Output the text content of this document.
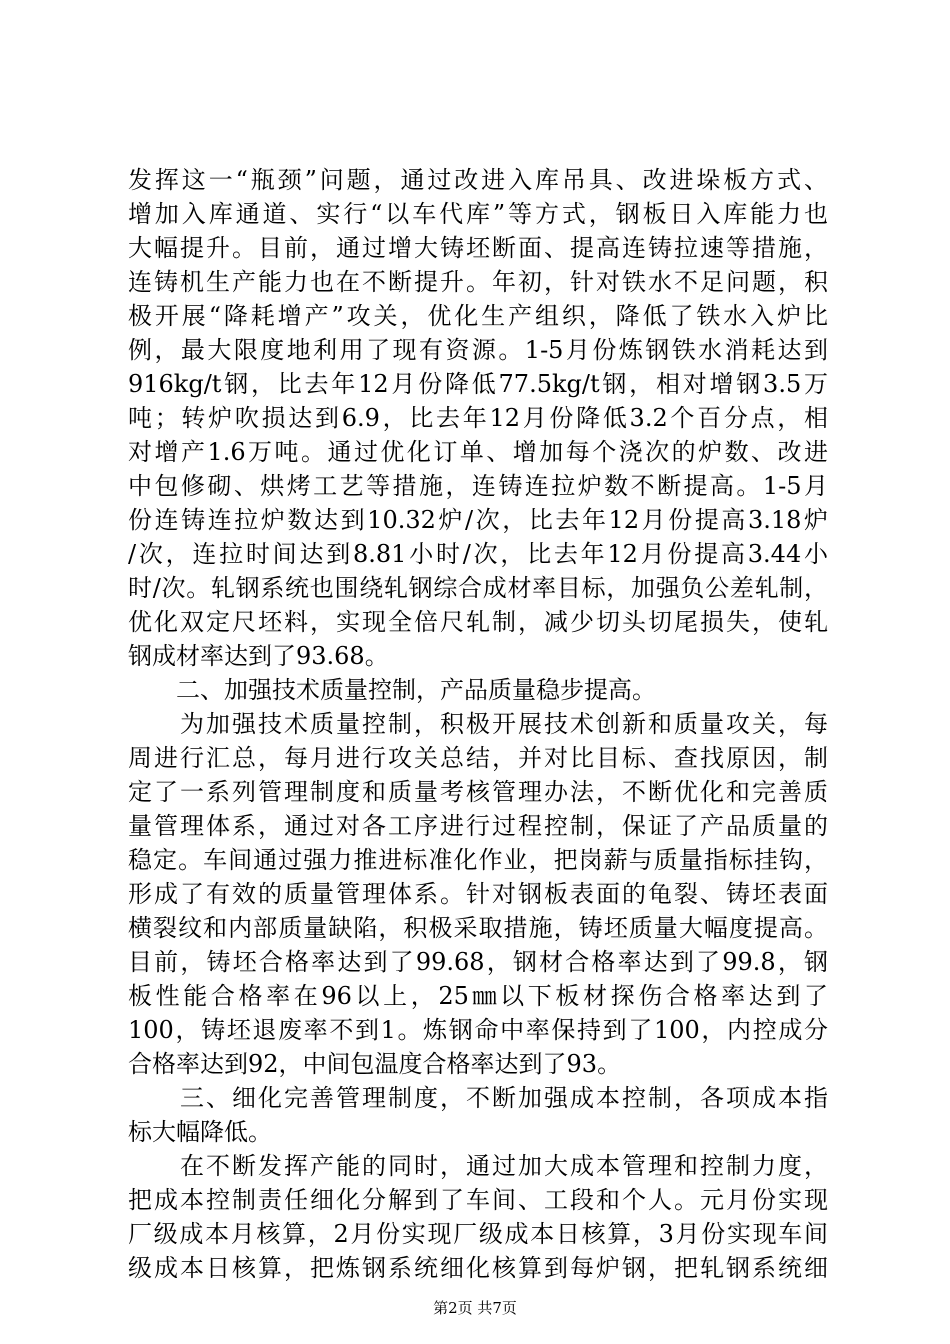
发挥这一“瓶颈”问题，通过改进入库吊具、改进垛板方式、
增加入库通道、实行“以车代库”等方式，钢板日入库能力也
大幅提升。目前，通过增大铸坯断面、提高连铸拉速等措施，
连铸机生产能力也在不断提升。年初，针对铁水不足问题，积
极开展“降耗增产”攻关，优化生产组织，降低了铁水入炉比
例，最大限度地利用了现有资源。1-5月份炼钢铁水消耗达到
916kg/t钢，比去年12月份降低77.5kg/t钢，相对增钢3.5万
吨；转炉吹损达到6.9，比去年12月份降低3.2个百分点，相
对增产1.6万吨。通过优化订单、增加每个浇次的炉数、改进
中包修砌、烘烤工艺等措施，连铸连拉炉数不断提高。1-5月
份连铸连拉炉数达到10.32炉/次，比去年12月份提高3.18炉
/次，连拉时间达到8.81小时/次，比去年12月份提高3.44小
时/次。轧钢系统也围绕轧钢综合成材率目标，加强负公差轧制，
优化双定尺坯料，实现全倍尺轧制，减少切头切尾损失，使轧
钢成材率达到了93.68。
　　二、加强技术质量控制，产品质量稳步提高。
　　为加强技术质量控制，积极开展技术创新和质量攻关，每
周进行汇总，每月进行攻关总结，并对比目标、查找原因，制
定了一系列管理制度和质量考核管理办法，不断优化和完善质
量管理体系，通过对各工序进行过程控制，保证了产品质量的
稳定。车间通过强力推进标准化作业，把岗薪与质量指标挂钩，
形成了有效的质量管理体系。针对钢板表面的龟裂、铸坯表面
横裂纹和内部质量缺陷，积极采取措施，铸坯质量大幅度提高。
目前，铸坯合格率达到了99.68，钢材合格率达到了99.8，钢
板性能合格率在96以上，25㎜以下板材探伤合格率达到了
100，铸坯退废率不到1。炼钢命中率保持到了100，内控成分
合格率达到92，中间包温度合格率达到了93。
　　三、细化完善管理制度，不断加强成本控制，各项成本指
标大幅降低。
　　在不断发挥产能的同时，通过加大成本管理和控制力度，
把成本控制责任细化分解到了车间、工段和个人。元月份实现
厂级成本月核算，2月份实现厂级成本日核算，3月份实现车间
级成本日核算，把炼钢系统细化核算到每炉钢，把轧钢系统细
第2页 共7页
